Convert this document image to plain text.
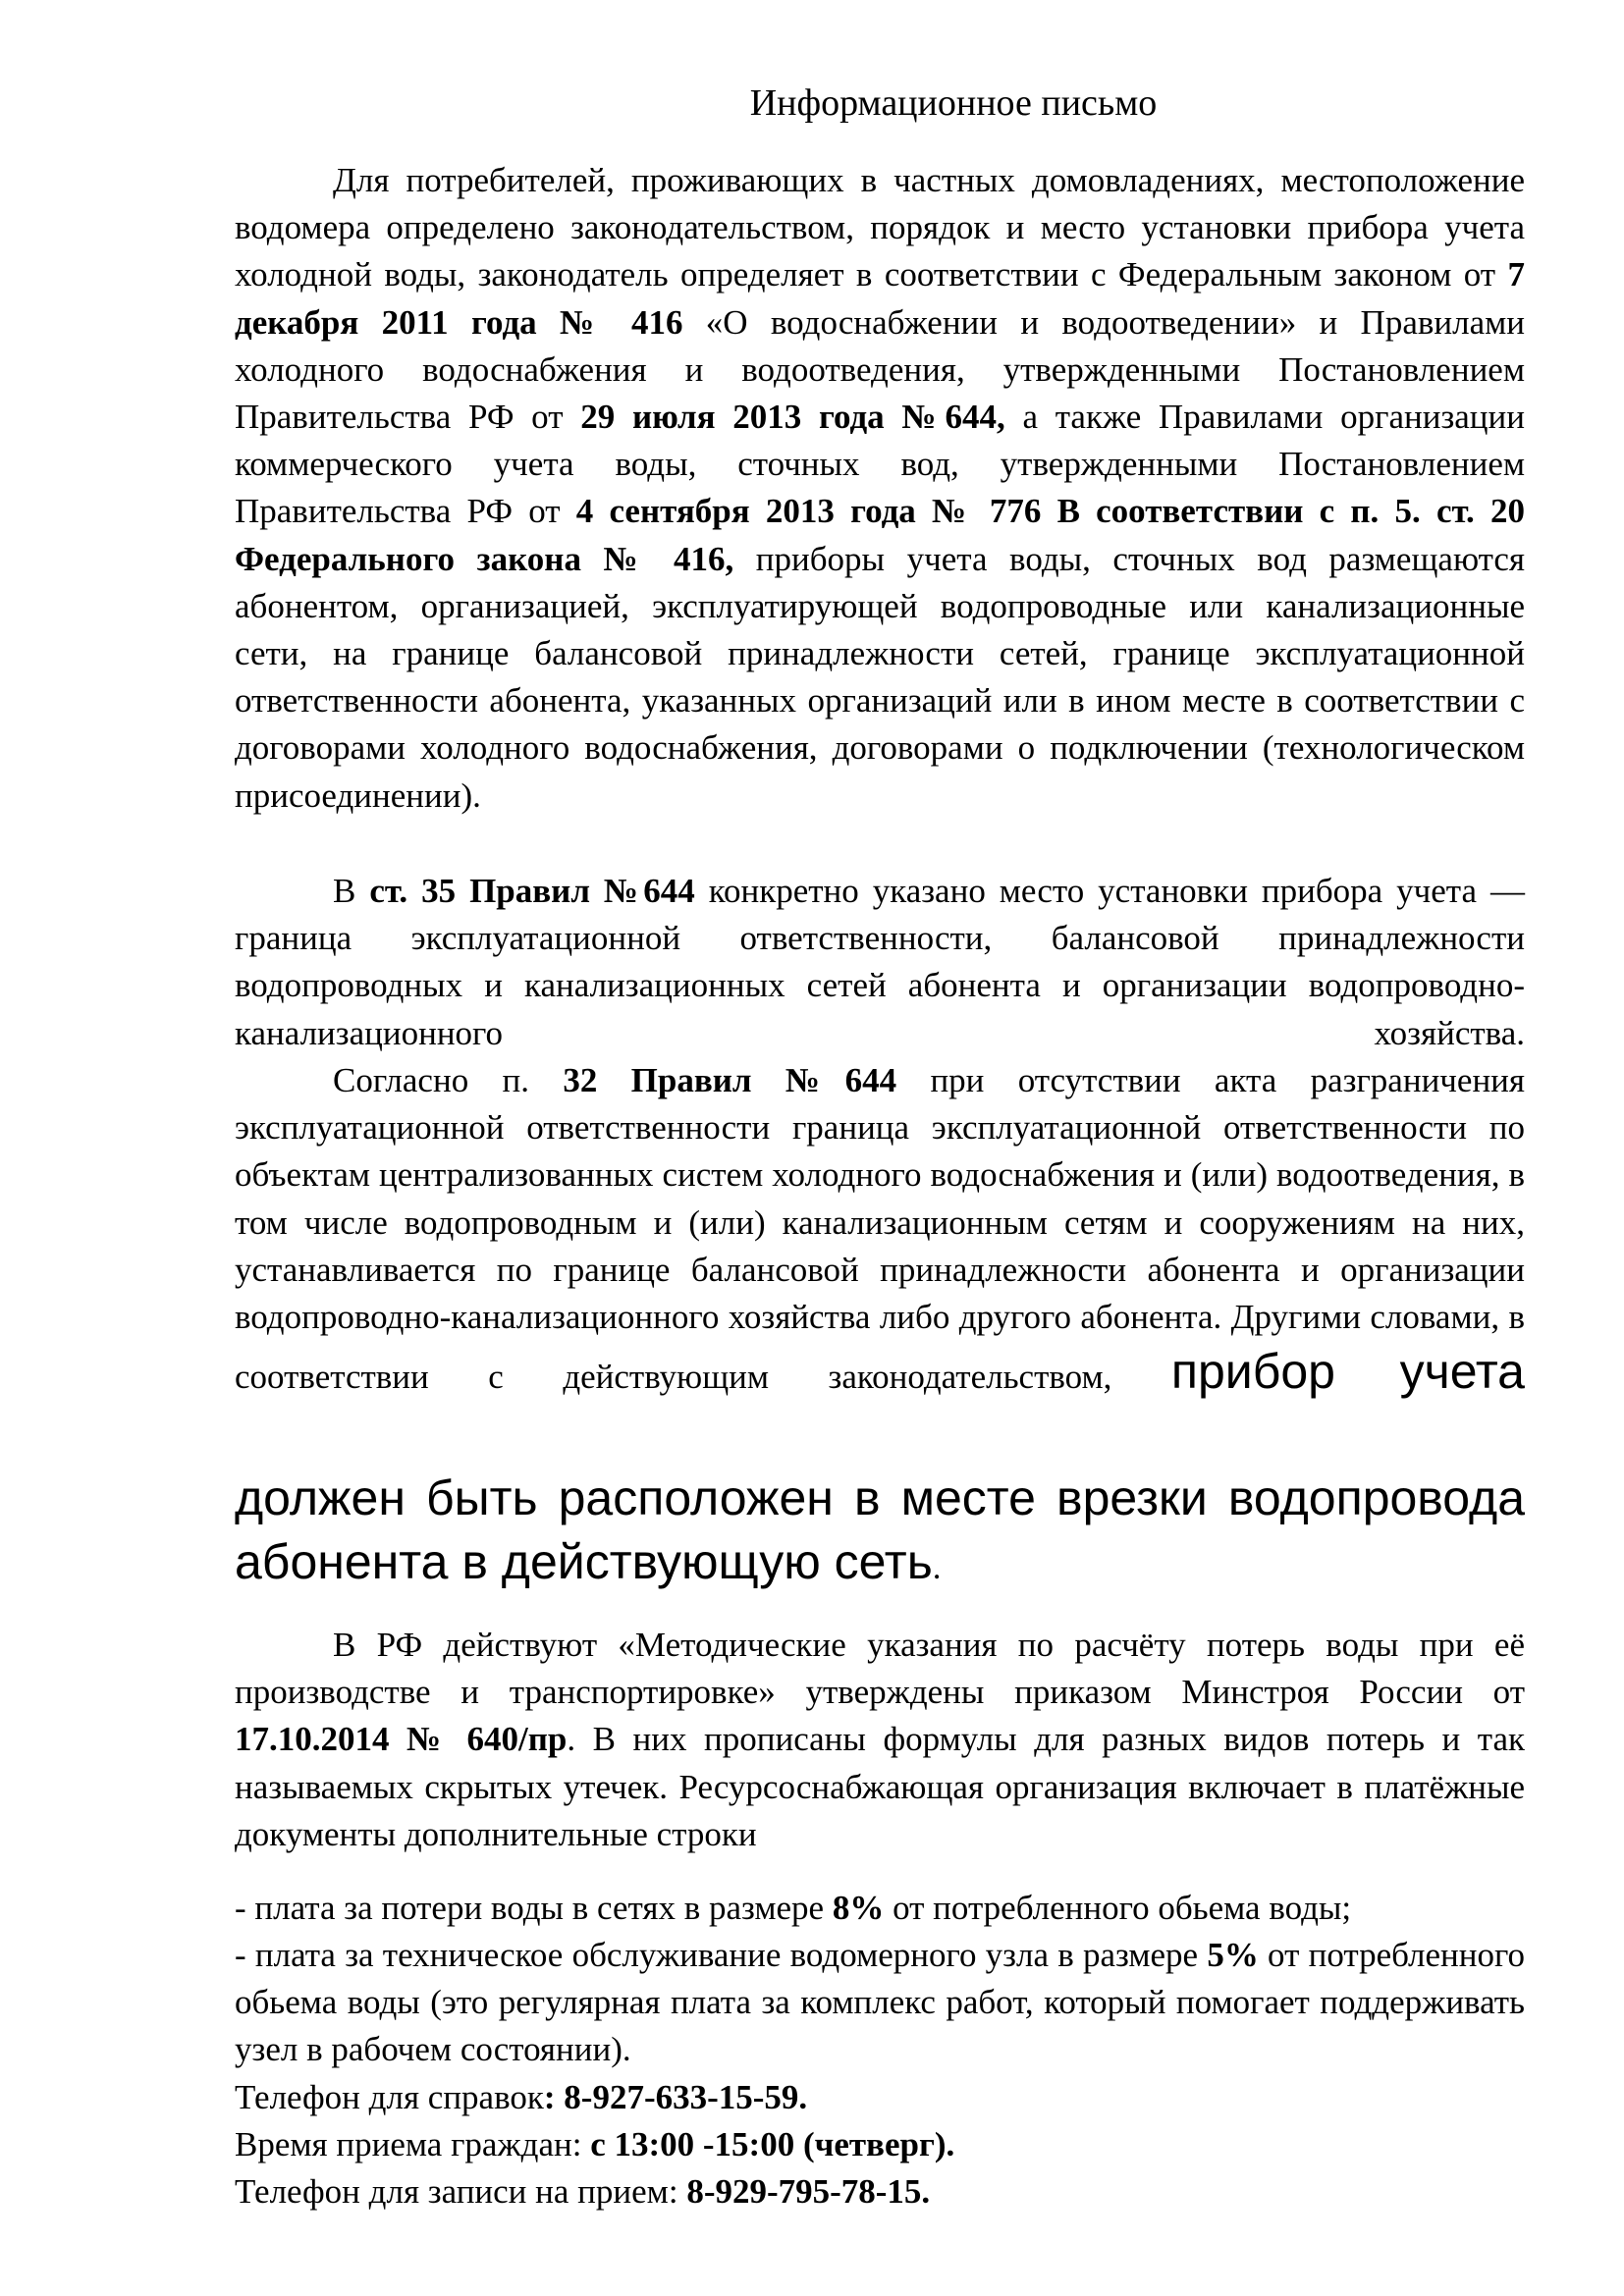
Информационное письмо
Для потребителей, проживающих в частных домовладениях, местоположение водомера определено законодательством, порядок и место установки прибора учета холодной воды, законодатель определяет в соответствии с Федеральным законом от 7 декабря 2011 года № 416 «О водоснабжении и водоотведении» и Правилами холодного водоснабжения и водоотведения, утвержденными Постановлением Правительства РФ от 29 июля 2013 года №644, а также Правилами организации коммерческого учета воды, сточных вод, утвержденными Постановлением Правительства РФ от 4 сентября 2013 года № 776 В соответствии с п. 5. ст. 20 Федерального закона № 416, приборы учета воды, сточных вод размещаются абонентом, организацией, эксплуатирующей водопроводные или канализационные сети, на границе балансовой принадлежности сетей, границе эксплуатационной ответственности абонента, указанных организаций или в ином месте в соответствии с договорами холодного водоснабжения, договорами о подключении (технологическом присоединении).
В ст. 35 Правил №644 конкретно указано место установки прибора учета — граница эксплуатационной ответственности, балансовой принадлежности водопроводных и канализационных сетей абонента и организации водопроводно-канализационного хозяйства.
Согласно п. 32 Правил №644 при отсутствии акта разграничения эксплуатационной ответственности граница эксплуатационной ответственности по объектам централизованных систем холодного водоснабжения и (или) водоотведения, в том числе водопроводным и (или) канализационным сетям и сооружениям на них, устанавливается по границе балансовой принадлежности абонента и организации водопроводно-канализационного хозяйства либо другого абонента. Другими словами, в соответствии с действующим законодательством, прибор учета
должен быть расположен в месте врезки водопровода
абонента в действующую сеть.
В РФ действуют «Методические указания по расчёту потерь воды при её производстве и транспортировке» утверждены приказом Минстроя России от 17.10.2014 № 640/пр. В них прописаны формулы для разных видов потерь и так называемых скрытых утечек. Ресурсоснабжающая организация включает в платёжные документы дополнительные строки
- плата за потери воды в сетях в размере 8% от потребленного обьема воды;
- плата за техническое обслуживание водомерного узла в размере 5% от потребленного обьема воды (это регулярная плата за комплекс работ, который помогает поддерживать узел в рабочем состоянии).
Телефон для справок: 8-927-633-15-59.
Время приема граждан: с 13:00 -15:00 (четверг).
Телефон для записи на прием: 8-929-795-78-15.
